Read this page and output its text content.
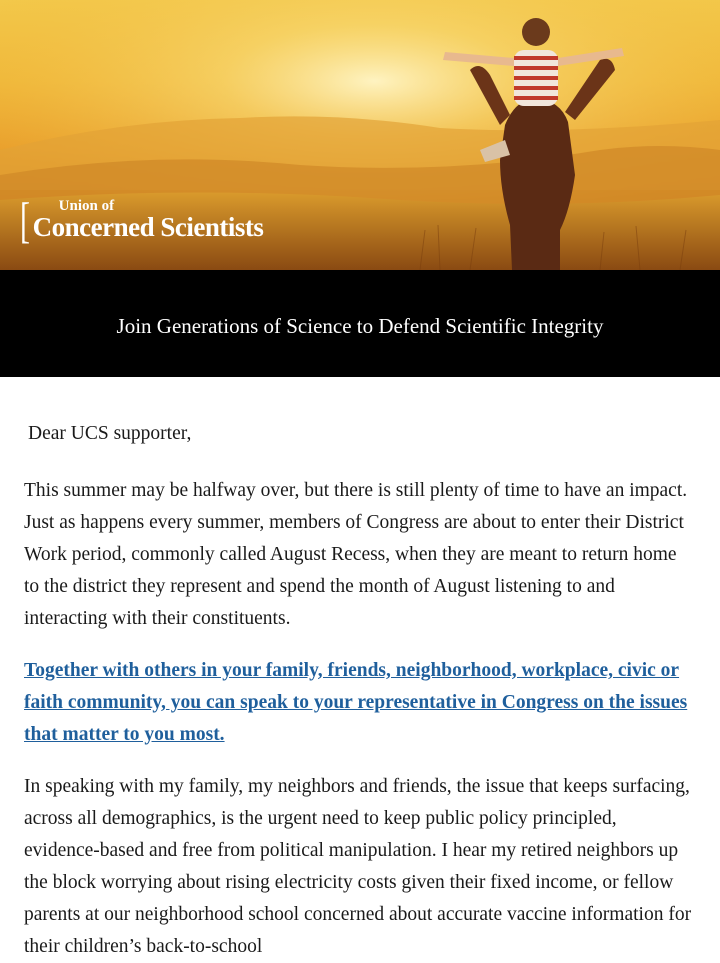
[ Union of
Concerned Scientists
Join Generations of Science to Defend Scientific Integrity
Dear UCS supporter,

This summer may be halfway over, but there is still plenty of time to have an impact. Just as happens every summer, members of Congress are about to enter their District Work period, commonly called August Recess, when they are meant to return home to the district they represent and spend the month of August listening to and interacting with their constituents.

Together with others in your family, friends, neighborhood, workplace, civic or faith community, you can speak to your representative in Congress on the issues that matter to you most.

In speaking with my family, my neighbors and friends, the issue that keeps surfacing, across all demographics, is the urgent need to keep public policy principled, evidence-based and free from political manipulation. I hear my retired neighbors up the block worrying about rising electricity costs given their fixed income, or fellow parents at our neighborhood school concerned about accurate vaccine information for their children’s back-to-school
